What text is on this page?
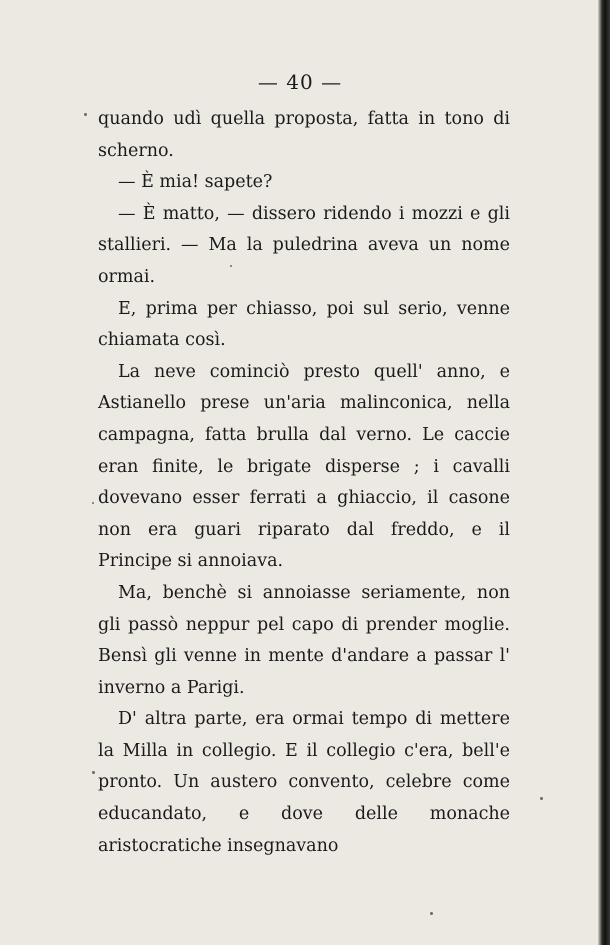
— 40 —

quando udì quella proposta, fatta in tono di scherno.

— È mia! sapete?

— È matto, — dissero ridendo i mozzi e gli stallieri. — Ma la puledrina aveva un nome ormai.

E, prima per chiasso, poi sul serio, venne chiamata così.

La neve cominciò presto quell' anno, e Astianello prese un'aria malinconica, nella campagna, fatta brulla dal verno. Le caccie eran finite, le brigate disperse ; i cavalli dovevano esser ferrati a ghiaccio, il casone non era guari riparato dal freddo, e il Principe si annoiava.

Ma, benchè si annoiasse seriamente, non gli passò neppur pel capo di prender moglie. Bensì gli venne in mente d'andare a passar l' inverno a Parigi.

D' altra parte, era ormai tempo di mettere la Milla in collegio. E il collegio c'era, bell'e pronto. Un austero convento, celebre come educandato, e dove delle monache aristocratiche insegnavano
